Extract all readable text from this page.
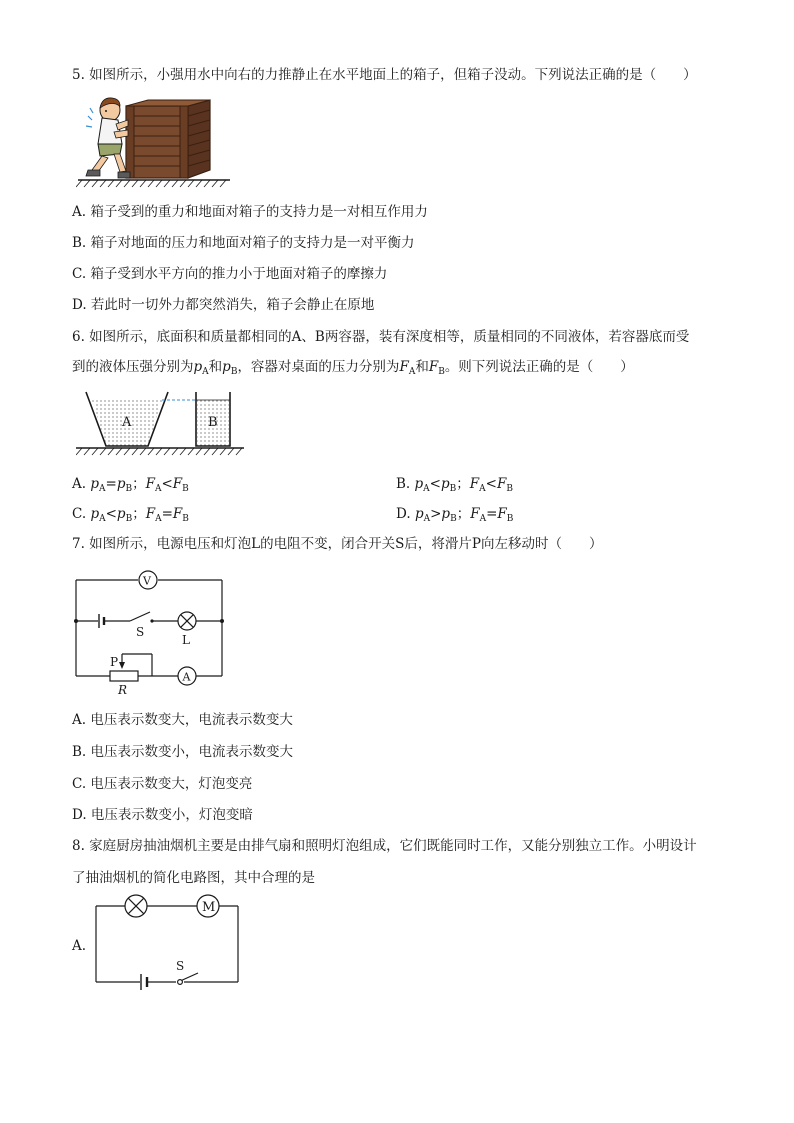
5. 如图所示，小强用水中向右的力推静止在水平地面上的箱子，但箱子没动。下列说法正确的是（　　）
A. 箱子受到的重力和地面对箱子的支持力是一对相互作用力
B. 箱子对地面的压力和地面对箱子的支持力是一对平衡力
C. 箱子受到水平方向的推力小于地面对箱子的摩擦力
D. 若此时一切外力都突然消失，箱子会静止在原地
6. 如图所示，底面积和质量都相同的A、B两容器，装有深度相等，质量相同的不同液体，若容器底而受
到的液体压强分别为$p_A$和$p_B$，容器对桌面的压力分别为$F_A$和$F_B$。则下列说法正确的是（　　）
A	B
A. $p_A=p_B$；$F_A<F_B$	B. $p_A<p_B$；$F_A<F_B$
C. $p_A<p_B$；$F_A=F_B$	D. $p_A>p_B$；$F_A=F_B$
7. 如图所示，电源电压和灯泡L的电阻不变，闭合开关S后，将滑片P向左移动时（　　）
V
A
S
L
P
R
A. 电压表示数变大，电流表示数变大
B. 电压表示数变小，电流表示数变大
C. 电压表示数变大，灯泡变亮
D. 电压表示数变小，灯泡变暗
8. 家庭厨房抽油烟机主要是由排气扇和照明灯泡组成，它们既能同时工作，又能分别独立工作。小明设计
了抽油烟机的简化电路图，其中合理的是
A.
M
S
